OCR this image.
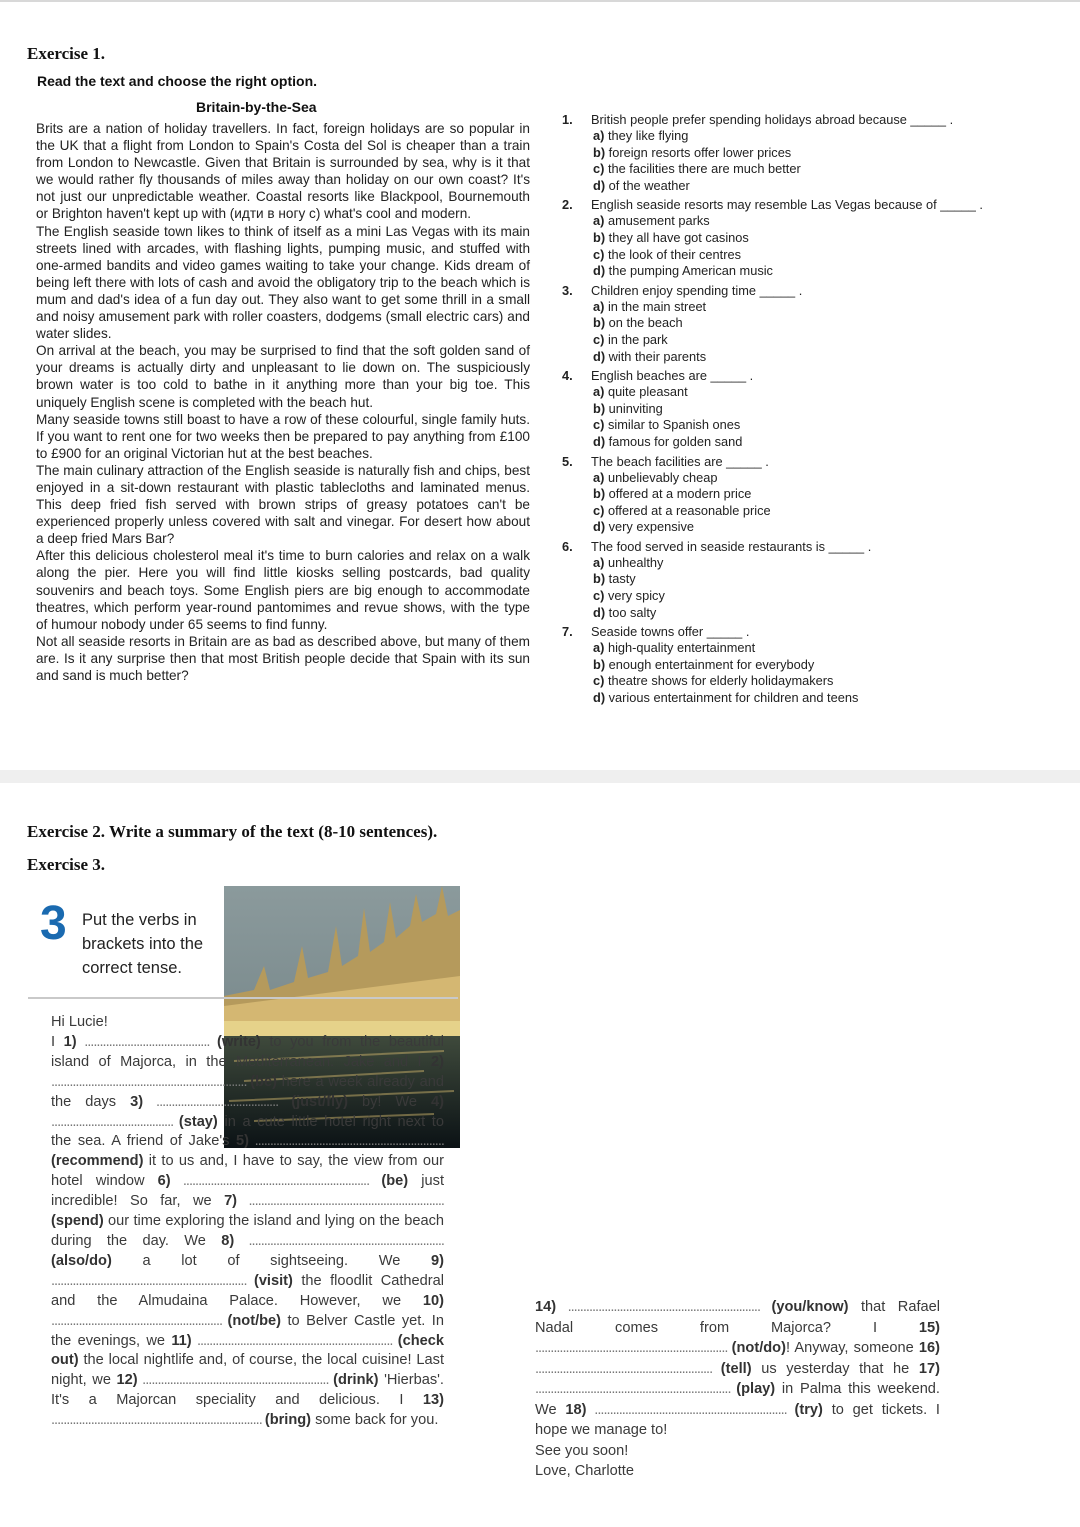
Exercise 1.
Read the text and choose the right option.
Britain-by-the-Sea

Brits are a nation of holiday travellers. In fact, foreign holidays are so popular in the UK that a flight from London to Spain's Costa del Sol is cheaper than a train from London to Newcastle. Given that Britain is surrounded by sea, why is it that we would rather fly thousands of miles away than holiday on our own coast? It's not just our unpredictable weather. Coastal resorts like Blackpool, Bournemouth or Brighton haven't kept up with (идти в ногу с) what's cool and modern.

The English seaside town likes to think of itself as a mini Las Vegas with its main streets lined with arcades, with flashing lights, pumping music, and stuffed with one-armed bandits and video games waiting to take your change. Kids dream of being left there with lots of cash and avoid the obligatory trip to the beach which is mum and dad's idea of a fun day out. They also want to get some thrill in a small and noisy amusement park with roller coasters, dodgems (small electric cars) and water slides.

On arrival at the beach, you may be surprised to find that the soft golden sand of your dreams is actually dirty and unpleasant to lie down on. The suspiciously brown water is too cold to bathe in it anything more than your big toe. This uniquely English scene is completed with the beach hut.

Many seaside towns still boast to have a row of these colourful, single family huts. If you want to rent one for two weeks then be prepared to pay anything from £100 to £900 for an original Victorian hut at the best beaches.

The main culinary attraction of the English seaside is naturally fish and chips, best enjoyed in a sit-down restaurant with plastic tablecloths and laminated menus. This deep fried fish served with brown strips of greasy potatoes can't be experienced properly unless covered with salt and vinegar. For desert how about a deep fried Mars Bar?

After this delicious cholesterol meal it's time to burn calories and relax on a walk along the pier. Here you will find little kiosks selling postcards, bad quality souvenirs and beach toys. Some English piers are big enough to accommodate theatres, which perform year-round pantomimes and revue shows, with the type of humour nobody under 65 seems to find funny.

Not all seaside resorts in Britain are as bad as described above, but many of them are. Is it any surprise then that most British people decide that Spain with its sun and sand is much better?

1.	British people prefer spending holidays abroad because _____ .
a) they like flying
b) foreign resorts offer lower prices
c) the facilities there are much better
d) of the weather
2.	English seaside resorts may resemble Las Vegas because of _____ .
a) amusement parks
b) they all have got casinos
c) the look of their centres
d) the pumping American music
3.	Children enjoy spending time _____ .
a) in the main street
b) on the beach
c) in the park
d) with their parents
4.	English beaches are _____ .
a) quite pleasant
b) uninviting
c) similar to Spanish ones
d) famous for golden sand
5.	The beach facilities are _____ .
a) unbelievably cheap
b) offered at a modern price
c) offered at a reasonable price
d) very expensive
6.	The food served in seaside restaurants is _____ .
a) unhealthy
b) tasty
c) very spicy
d) too salty
7.	Seaside towns offer _____ .
a) high-quality entertainment
b) enough entertainment for everybody
c) theatre shows for elderly holidaymakers
d) various entertainment for children and teens
Exercise 2. Write a summary of the text (8-10 sentences).
Exercise 3.
3 Put the verbs in brackets into the correct tense.

Hi Lucie!

I 1) ......................................... (write) to you from the beautiful island of Majorca, in the Mediterranean. Jake and I 2) ................................................................ (be) here a week already and the days 3) ........................................ (just/fly) by! We 4) ........................................ (stay) in a cute little hotel right next to the sea. A friend of Jake's 5) .............................................................. (recommend) it to us and, I have to say, the view from our hotel window 6) ............................................................. (be) just incredible! So far, we 7) ................................................................ (spend) our time exploring the island and lying on the beach during the day. We 8) ................................................................ (also/do) a lot of sightseeing. We 9) ................................................................ (visit) the floodlit Cathedral and the Almudaina Palace. However, we 10) ........................................................ (not/be) to Belver Castle yet. In the evenings, we 11) ................................................................ (check out) the local nightlife and, of course, the local cuisine! Last night, we 12) ............................................................. (drink) 'Hierbas'. It's a Majorcan speciality and delicious. I 13) ..................................................................... (bring) some back for you.

14) ............................................................... (you/know) that Rafael Nadal comes from Majorca? I 15) ............................................................... (not/do)! Anyway, someone 16) .......................................................... (tell) us yesterday that he 17) ................................................................ (play) in Palma this weekend. We 18) ............................................................... (try) to get tickets. I hope we manage to!

See you soon!

Love, Charlotte
